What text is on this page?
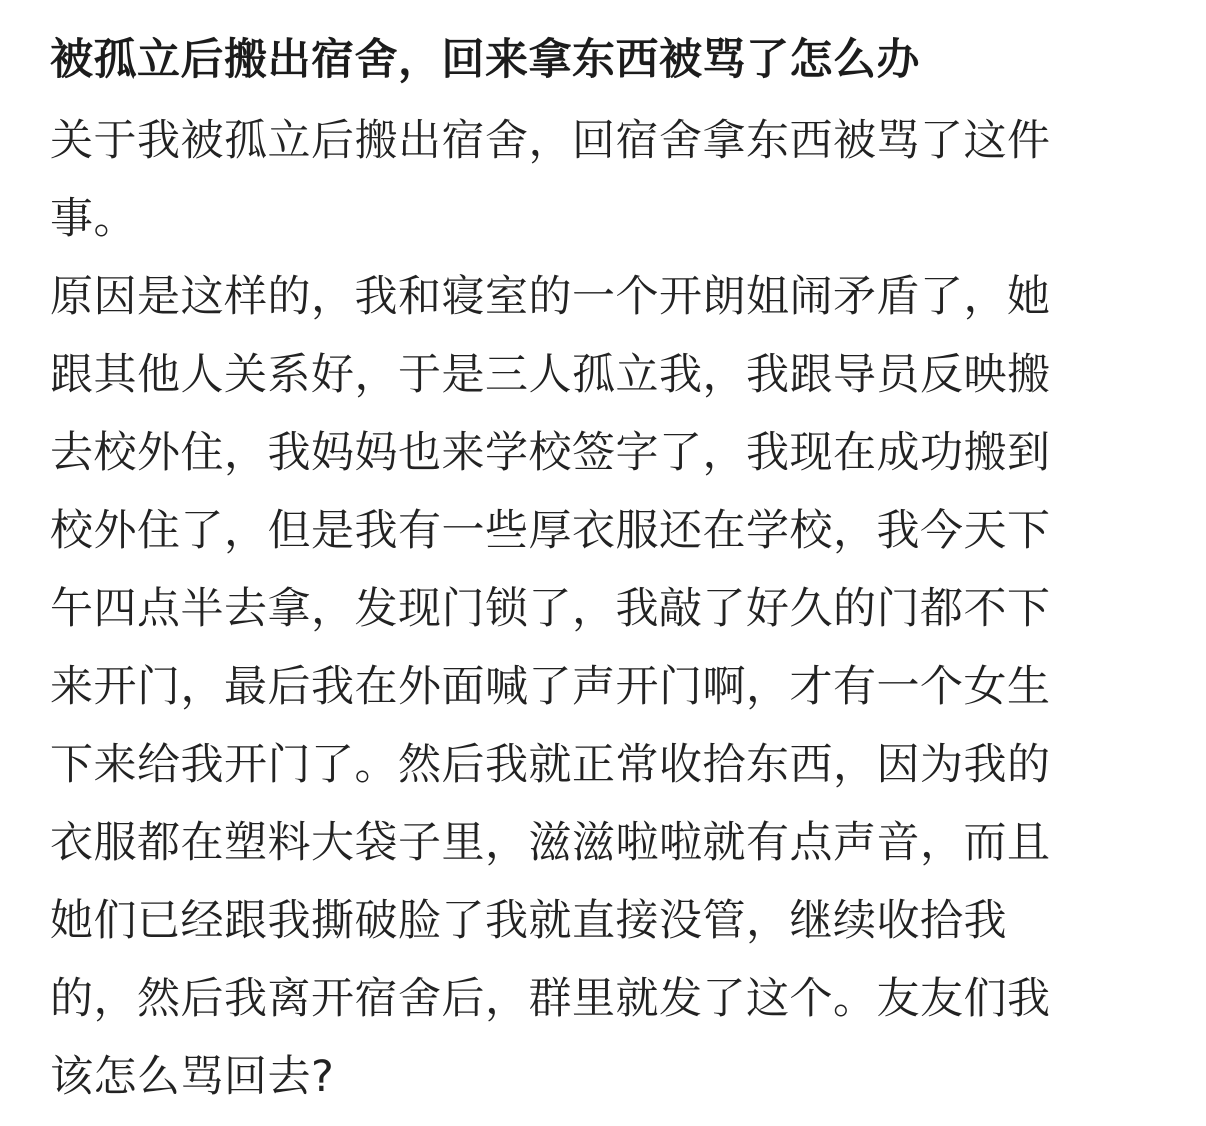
被孤立后搬出宿舍，回来拿东西被骂了怎么办
关于我被孤立后搬出宿舍，回宿舍拿东西被骂了这件
事。
原因是这样的，我和寝室的一个开朗姐闹矛盾了，她
跟其他人关系好，于是三人孤立我，我跟导员反映搬
去校外住，我妈妈也来学校签字了，我现在成功搬到
校外住了，但是我有一些厚衣服还在学校，我今天下
午四点半去拿，发现门锁了，我敲了好久的门都不下
来开门，最后我在外面喊了声开门啊，才有一个女生
下来给我开门了。然后我就正常收拾东西，因为我的
衣服都在塑料大袋子里，滋滋啦啦就有点声音，而且
她们已经跟我撕破脸了我就直接没管，继续收拾我
的，然后我离开宿舍后，群里就发了这个。友友们我
该怎么骂回去?
